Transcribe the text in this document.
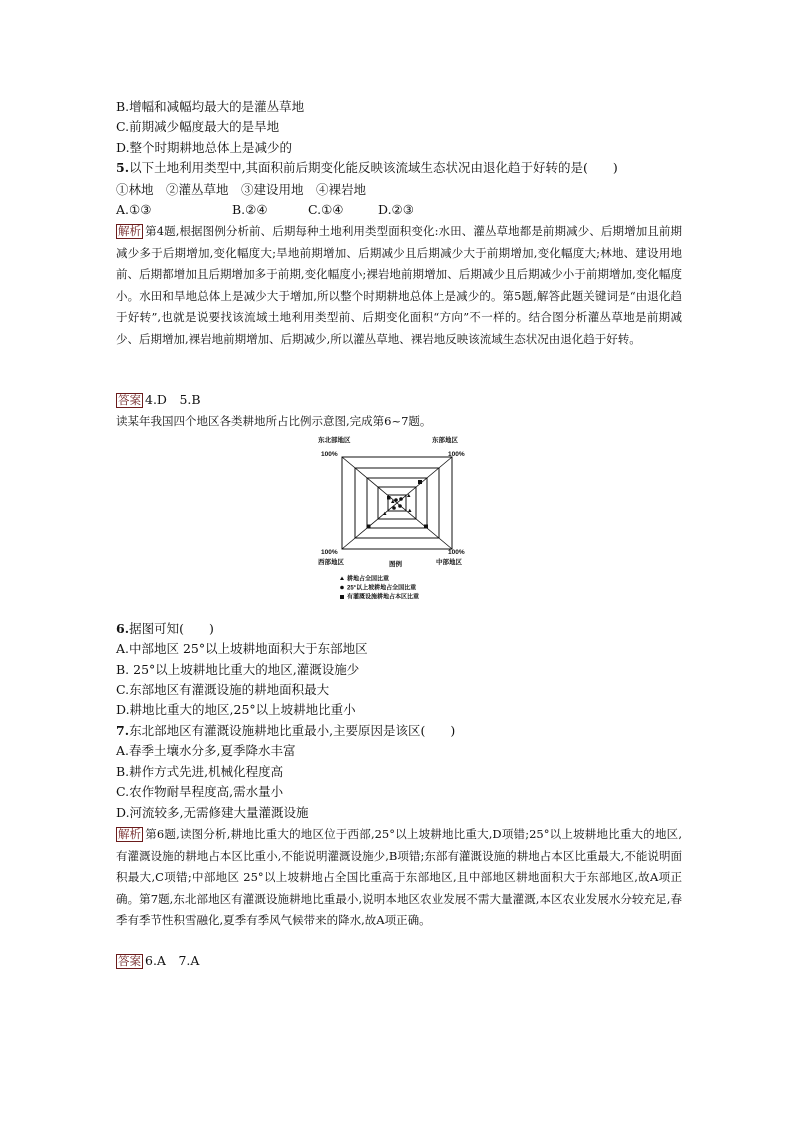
B.增幅和减幅均最大的是灌丛草地
C.前期减少幅度最大的是旱地
D.整个时期耕地总体上是减少的
5.以下土地利用类型中,其面积前后期变化能反映该流域生态状况由退化趋于好转的是(　　)
①林地　②灌丛草地　③建设用地　④裸岩地
A.①③	B.②④	C.①④	D.②③
解析 第4题,根据图例分析前、后期每种土地利用类型面积变化:水田、灌丛草地都是前期减少、后期增加且前期减少多于后期增加,变化幅度大;旱地前期增加、后期减少且后期减少大于前期增加,变化幅度大;林地、建设用地前、后期都增加且后期增加多于前期,变化幅度小;裸岩地前期增加、后期减少且后期减少小于前期增加,变化幅度小。水田和旱地总体上是减少大于增加,所以整个时期耕地总体上是减少的。第5题,解答此题关键词是“由退化趋于好转”,也就是说要找该流域土地利用类型前、后期变化面积“方向”不一样的。结合图分析灌丛草地是前期减少、后期增加,裸岩地前期增加、后期减少,所以灌丛草地、裸岩地反映该流域生态状况由退化趋于好转。
答案 4.D　5.B
读某年我国四个地区各类耕地所占比例示意图,完成第6~7题。
东北部地区	东部地区
100%	100%
100%	100%
西部地区	中部地区
图例
耕地占全国比重
25°以上坡耕地占全国比重
有灌溉设施耕地占本区比重
6.据图可知(　　)
A.中部地区 25°以上坡耕地面积大于东部地区
B. 25°以上坡耕地比重大的地区,灌溉设施少
C.东部地区有灌溉设施的耕地面积最大
D.耕地比重大的地区,25°以上坡耕地比重小
7.东北部地区有灌溉设施耕地比重最小,主要原因是该区(　　)
A.春季土壤水分多,夏季降水丰富
B.耕作方式先进,机械化程度高
C.农作物耐旱程度高,需水量小
D.河流较多,无需修建大量灌溉设施
解析 第6题,读图分析,耕地比重大的地区位于西部,25°以上坡耕地比重大,D项错;25°以上坡耕地比重大的地区,有灌溉设施的耕地占本区比重小,不能说明灌溉设施少,B项错;东部有灌溉设施的耕地占本区比重最大,不能说明面积最大,C项错;中部地区 25°以上坡耕地占全国比重高于东部地区,且中部地区耕地面积大于东部地区,故A项正确。第7题,东北部地区有灌溉设施耕地比重最小,说明本地区农业发展不需大量灌溉,本区农业发展水分较充足,春季有季节性积雪融化,夏季有季风气候带来的降水,故A项正确。
答案 6.A　7.A
